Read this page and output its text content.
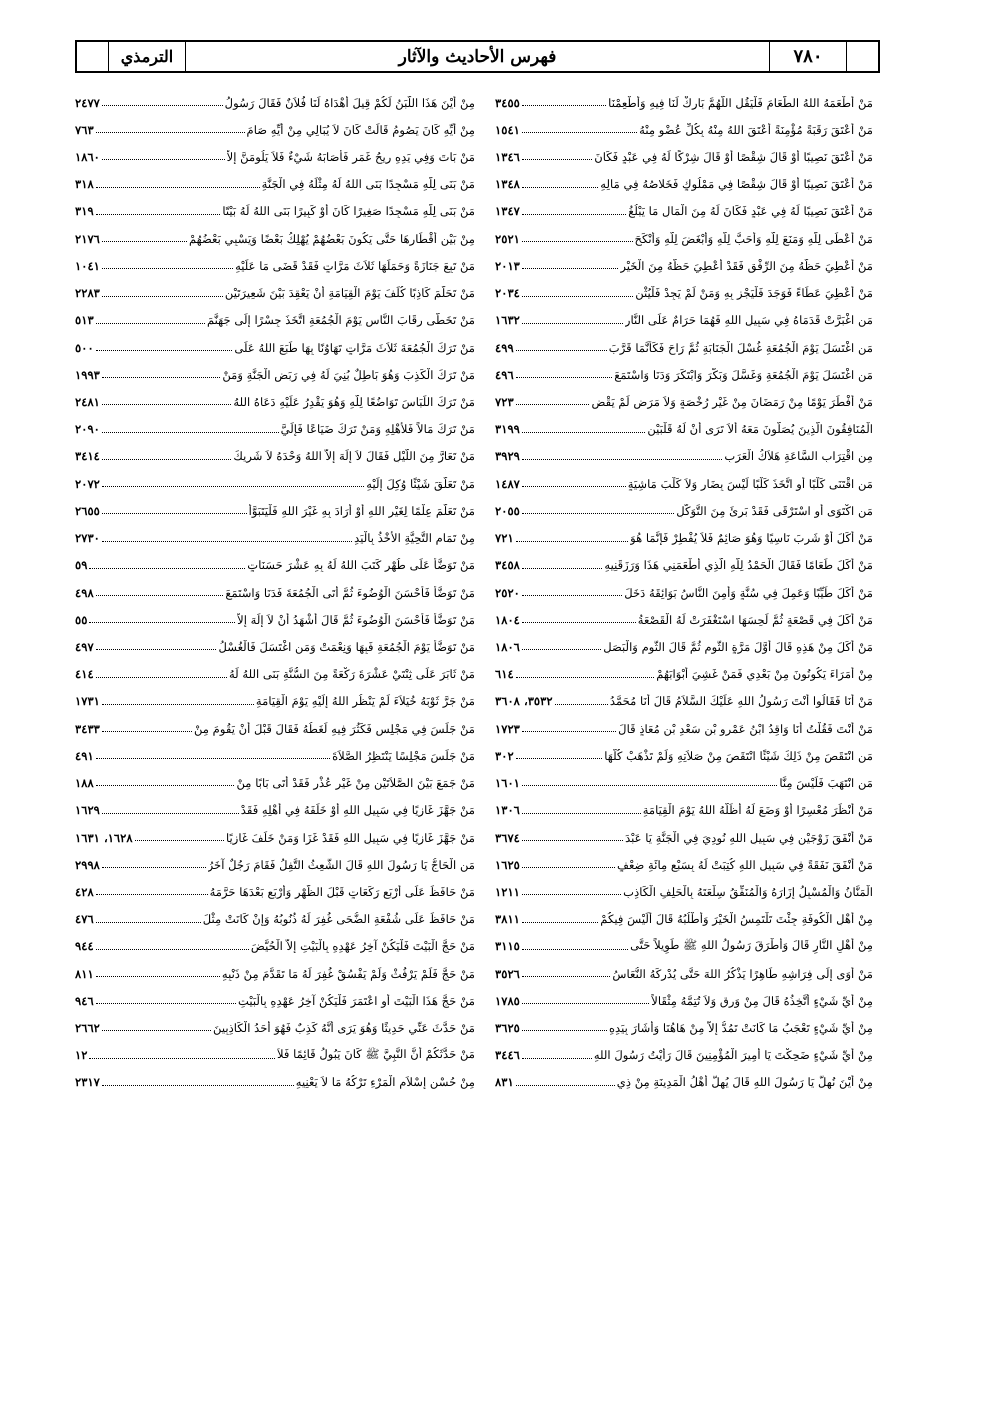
الترمذي	فهرس الأحاديث والآثار	٧٨٠
مَنْ أَطْعَمَهُ اللهُ الطَّعَامَ فَلْيَقُلِ اللَّهُمَّ بَارِكْ لَنَا فِيهِ وَأَطْعِمْنَا
٣٤٥٥
مَنْ أَعْتَقَ رَقَبَةً مُؤْمِنَةً أَعْتَقَ اللهُ مِنْهُ بِكُلِّ عُضْوٍ مِنْهُ
١٥٤١
مَنْ أَعْتَقَ نَصِيبًا أَوْ قَالَ شِقْصًا أَوْ قَالَ شِرْكًا لَهُ فِي عَبْدٍ فَكَانَ
١٣٤٦
مَنْ أَعْتَقَ نَصِيبًا أَوْ قَالَ شِقْصًا فِي مَمْلُوكٍ فَخَلاصُهُ فِي مَالِهِ
١٣٤٨
مَنْ أَعْتَقَ نَصِيبًا لَهُ فِي عَبْدٍ فَكَانَ لَهُ مِنَ الْمَالِ مَا يَبْلُغُ
١٣٤٧
مَنْ أَعْطَى لِلَّهِ وَمَنَعَ لِلَّهِ وَأَحَبَّ لِلَّهِ وَأَبْغَضَ لِلَّهِ وَأَنْكَحَ
٢٥٢١
مَنْ أُعْطِيَ حَظَّهُ مِنَ الرِّفْقِ فَقَدْ أُعْطِيَ حَظَّهُ مِنَ الْخَيْرِ
٢٠١٣
مَنْ أُعْطِيَ عَطَاءً فَوَجَدَ فَلْيَجْزِ بِهِ وَمَنْ لَمْ يَجِدْ فَلْيُثْنِ
٢٠٣٤
مَنِ اغْبَرَّتْ قَدَمَاهُ فِي سَبِيلِ اللهِ فَهُمَا حَرَامٌ عَلَى النَّارِ
١٦٣٢
مَنِ اغْتَسَلَ يَوْمَ الْجُمُعَةِ غُسْلَ الْجَنَابَةِ ثُمَّ رَاحَ فَكَأَنَّمَا قَرَّبَ
٤٩٩
مَنِ اغْتَسَلَ يَوْمَ الْجُمُعَةِ وَغَسَّلَ وَبَكَّرَ وَابْتَكَرَ وَدَنَا وَاسْتَمَعَ
٤٩٦
مَنْ أَفْطَرَ يَوْمًا مِنْ رَمَضَانَ مِنْ غَيْرِ رُخْصَةٍ وَلاَ مَرَضٍ لَمْ يَقْضِ
٧٢٣
الْمُنَافِقُونَ الَّذِينَ يُصَلُّونَ مَعَهُ أَلاَ تَرَى أَنْ لَهُ قَلْبَيْنِ
٣١٩٩
مِنِ اقْتِرَابِ السَّاعَةِ هَلاَكُ الْعَرَبِ
٣٩٢٩
مَنِ اقْتَنَى كَلْبًا أَوِ اتَّخَذَ كَلْبًا لَيْسَ بِضَارٍ وَلاَ كَلْبَ مَاشِيَةٍ
١٤٨٧
مَنِ اكْتَوَى أَوِ اسْتَرْقَى فَقَدْ بَرِئَ مِنَ التَّوَكُّلِ
٢٠٥٥
مَنْ أَكَلَ أَوْ شَرِبَ نَاسِيًا وَهُوَ صَائِمٌ فَلاَ يُفْطِرْ فَإِنَّمَا هُوَ
٧٢١
مَنْ أَكَلَ طَعَامًا فَقَالَ الْحَمْدُ لِلَّهِ الَّذِي أَطْعَمَنِي هَذَا وَرَزَقَنِيهِ
٣٤٥٨
مَنْ أَكَلَ طَيِّبًا وَعَمِلَ فِي سُنَّةٍ وَأَمِنَ النَّاسُ بَوَائِقَهُ دَخَلَ
٢٥٢٠
مَنْ أَكَلَ فِي قَصْعَةٍ ثُمَّ لَحِسَهَا اسْتَغْفَرَتْ لَهُ الْقَصْعَةُ
١٨٠٤
مَنْ أَكَلَ مِنْ هَذِهِ قَالَ أَوَّلَ مَرَّةٍ الثُّومِ ثُمَّ قَالَ الثُّومِ وَالْبَصَلِ
١٨٠٦
مِنْ أُمَرَاءَ يَكُونُونَ مِنْ بَعْدِي فَمَنْ غَشِيَ أَبْوَابَهُمْ
٦١٤
مَنْ أَنَا فَقَالُوا أَنْتَ رَسُولُ اللهِ عَلَيْكَ السَّلاَمُ قَالَ أَنَا مُحَمَّدُ
٣٥٣٢، ٣٦٠٨
مَنْ أَنْتَ فَقُلْتُ أَنَا وَاقِدُ ابْنُ عَمْرِو بْنِ سَعْدِ بْنِ مُعَاذٍ قَالَ
١٧٢٣
مَنِ انْتَقَصَ مِنْ ذَلِكَ شَيْئًا انْتَقَصَ مِنْ صَلاَتِهِ وَلَمْ تَذْهَبْ كُلُّهَا
٣٠٢
مَنِ انْتَهَبَ فَلَيْسَ مِنَّا
١٦٠١
مَنْ أَنْظَرَ مُعْسِرًا أَوْ وَضَعَ لَهُ أَظَلَّهُ اللهُ يَوْمَ الْقِيَامَةِ
١٣٠٦
مَنْ أَنْفَقَ زَوْجَيْنِ فِي سَبِيلِ اللهِ نُودِيَ فِي الْجَنَّةِ يَا عَبْدَ
٣٦٧٤
مَنْ أَنْفَقَ نَفَقَةً فِي سَبِيلِ اللهِ كُتِبَتْ لَهُ بِسَبْعِ مِائَةِ ضِعْفٍ
١٦٢٥
الْمَنَّانُ وَالْمُسْبِلُ إِزَارَهُ وَالْمُنَفِّقُ سِلْعَتَهُ بِالْحَلِفِ الْكَاذِبِ
١٢١١
مِنْ أَهْلِ الْكُوفَةِ جِئْتَ تَلْتَمِسُ الْخَيْرَ وَأَطْلُبُهُ قَالَ أَلَيْسَ فِيكُمْ
٣٨١١
مِنْ أَهْلِ النَّارِ قَالَ وَأَطْرَقَ رَسُولُ اللهِ ﷺ طَوِيلاً حَتَّى
٣١١٥
مَنْ أَوَى إِلَى فِرَاشِهِ طَاهِرًا يَذْكُرُ اللهَ حَتَّى يُدْرِكَهُ النُّعَاسُ
٣٥٢٦
مِنْ أَيِّ شَيْءٍ أَتَّخِذُهُ قَالَ مِنْ وَرِقٍ وَلاَ تُتِمَّهُ مِثْقَالاً
١٧٨٥
مِنْ أَيِّ شَيْءٍ تَعْجَبُ مَا كَانَتْ تَمُدُّ إِلاَّ مِنْ هَاهُنَا وَأَشَارَ بِيَدِهِ
٣٦٢٥
مِنْ أَيِّ شَيْءٍ ضَحِكْتَ يَا أَمِيرَ الْمُؤْمِنِينَ قَالَ رَأَيْتُ رَسُولَ اللهِ
٣٤٤٦
مِنْ أَيْنَ نُهِلُّ يَا رَسُولَ اللهِ قَالَ يُهِلُّ أَهْلُ الْمَدِينَةِ مِنْ ذِي
٨٣١
مِنْ أَيْنَ هَذَا اللَّبَنُ لَكُمْ قِيلَ أَهْدَاهُ لَنَا فُلاَنٌ فَقَالَ رَسُولُ
٢٤٧٧
مِنْ أَيِّهِ كَانَ يَصُومُ قَالَتْ كَانَ لاَ يُبَالِي مِنْ أَيِّهِ صَامَ
٧٦٣
مَنْ بَاتَ وَفِي يَدِهِ رِيحُ غَمَرٍ فَأَصَابَهُ شَيْءٌ فَلاَ يَلُومَنَّ إِلاَّ
١٨٦٠
مَنْ بَنَى لِلَّهِ مَسْجِدًا بَنَى اللهُ لَهُ مِثْلَهُ فِي الْجَنَّةِ
٣١٨
مَنْ بَنَى لِلَّهِ مَسْجِدًا صَغِيرًا كَانَ أَوْ كَبِيرًا بَنَى اللهُ لَهُ بَيْتًا
٣١٩
مِنْ بَيْنِ أَقْطَارِهَا حَتَّى يَكُونَ بَعْضُهُمْ يُهْلِكُ بَعْضًا وَيَسْبِي بَعْضُهُمْ
٢١٧٦
مَنْ تَبِعَ جَنَازَةً وَحَمَلَهَا ثَلاَثَ مَرَّاتٍ فَقَدْ قَضَى مَا عَلَيْهِ
١٠٤١
مَنْ تَحَلَّمَ كَاذِبًا كُلِّفَ يَوْمَ الْقِيَامَةِ أَنْ يَعْقِدَ بَيْنَ شَعِيرَتَيْنِ
٢٢٨٣
مَنْ تَخَطَّى رِقَابَ النَّاسِ يَوْمَ الْجُمُعَةِ اتَّخَذَ جِسْرًا إِلَى جَهَنَّمَ
٥١٣
مَنْ تَرَكَ الْجُمُعَةَ ثَلاَثَ مَرَّاتٍ تَهَاوُنًا بِهَا طَبَعَ اللهُ عَلَى
٥٠٠
مَنْ تَرَكَ الْكَذِبَ وَهُوَ بَاطِلٌ بُنِيَ لَهُ فِي رَبَضِ الْجَنَّةِ وَمَنْ
١٩٩٣
مَنْ تَرَكَ اللِّبَاسَ تَوَاضُعًا لِلَّهِ وَهُوَ يَقْدِرُ عَلَيْهِ دَعَاهُ اللهُ
٢٤٨١
مَنْ تَرَكَ مَالاً فَلأَهْلِهِ وَمَنْ تَرَكَ ضَيَاعًا فَإِلَيَّ
٢٠٩٠
مَنْ تَعَارَّ مِنَ اللَّيْلِ فَقَالَ لاَ إِلَهَ إِلاَّ اللهُ وَحْدَهُ لاَ شَرِيكَ
٣٤١٤
مَنْ تَعَلَّقَ شَيْئًا وُكِلَ إِلَيْهِ
٢٠٧٢
مَنْ تَعَلَّمَ عِلْمًا لِغَيْرِ اللهِ أَوْ أَرَادَ بِهِ غَيْرَ اللهِ فَلْيَتَبَوَّأْ
٢٦٥٥
مِنْ تَمَامِ التَّحِيَّةِ الأَخْذُ بِالْيَدِ
٢٧٣٠
مَنْ تَوَضَّأَ عَلَى طُهْرٍ كَتَبَ اللهُ لَهُ بِهِ عَشْرَ حَسَنَاتٍ
٥٩
مَنْ تَوَضَّأَ فَأَحْسَنَ الْوُضُوءَ ثُمَّ أَتَى الْجُمُعَةَ فَدَنَا وَاسْتَمَعَ
٤٩٨
مَنْ تَوَضَّأَ فَأَحْسَنَ الْوُضُوءَ ثُمَّ قَالَ أَشْهَدُ أَنْ لاَ إِلَهَ إِلاَّ
٥٥
مَنْ تَوَضَّأَ يَوْمَ الْجُمُعَةِ فَبِهَا وَنِعْمَتْ وَمَنِ اغْتَسَلَ فَالْغُسْلُ
٤٩٧
مَنْ ثَابَرَ عَلَى ثِنْتَيْ عَشْرَةَ رَكْعَةً مِنَ السُّنَّةِ بَنَى اللهُ لَهُ
٤١٤
مَنْ جَرَّ ثَوْبَهُ خُيَلاَءَ لَمْ يَنْظُرِ اللهُ إِلَيْهِ يَوْمَ الْقِيَامَةِ
١٧٣١
مَنْ جَلَسَ فِي مَجْلِسٍ فَكَثُرَ فِيهِ لَغَطُهُ فَقَالَ قَبْلَ أَنْ يَقُومَ مِنْ
٣٤٣٣
مَنْ جَلَسَ مَجْلِسًا يَنْتَظِرُ الصَّلاَةَ
٤٩١
مَنْ جَمَعَ بَيْنَ الصَّلاَتَيْنِ مِنْ غَيْرِ عُذْرٍ فَقَدْ أَتَى بَابًا مِنْ
١٨٨
مَنْ جَهَّزَ غَازِيًا فِي سَبِيلِ اللهِ أَوْ خَلَفَهُ فِي أَهْلِهِ فَقَدْ
١٦٢٩
مَنْ جَهَّزَ غَازِيًا فِي سَبِيلِ اللهِ فَقَدْ غَزَا وَمَنْ خَلَفَ غَازِيًا
١٦٢٨، ١٦٣١
مَنِ الْحَاجُّ يَا رَسُولَ اللهِ قَالَ الشَّعِثُ التَّفِلُ فَقَامَ رَجُلٌ آخَرُ
٢٩٩٨
مَنْ حَافَظَ عَلَى أَرْبَعِ رَكَعَاتٍ قَبْلَ الظُّهْرِ وَأَرْبَعٍ بَعْدَهَا حَرَّمَهُ
٤٢٨
مَنْ حَافَظَ عَلَى شُفْعَةِ الضُّحَى غُفِرَ لَهُ ذُنُوبُهُ وَإِنْ كَانَتْ مِثْلَ
٤٧٦
مَنْ حَجَّ الْبَيْتَ فَلْيَكُنْ آخِرُ عَهْدِهِ بِالْبَيْتِ إِلاَّ الْحُيَّضَ
٩٤٤
مَنْ حَجَّ فَلَمْ يَرْفُثْ وَلَمْ يَفْسُقْ غُفِرَ لَهُ مَا تَقَدَّمَ مِنْ ذَنْبِهِ
٨١١
مَنْ حَجَّ هَذَا الْبَيْتَ أَوِ اعْتَمَرَ فَلْيَكُنْ آخِرُ عَهْدِهِ بِالْبَيْتِ
٩٤٦
مَنْ حَدَّثَ عَنِّي حَدِيثًا وَهُوَ يَرَى أَنَّهُ كَذِبٌ فَهُوَ أَحَدُ الْكَاذِبِينَ
٢٦٦٢
مَنْ حَدَّثَكُمْ أَنَّ النَّبِيَّ ﷺ كَانَ يَبُولُ قَائِمًا فَلاَ
١٢
مِنْ حُسْنِ إِسْلاَمِ الْمَرْءِ تَرْكُهُ مَا لاَ يَعْنِيهِ
٢٣١٧
